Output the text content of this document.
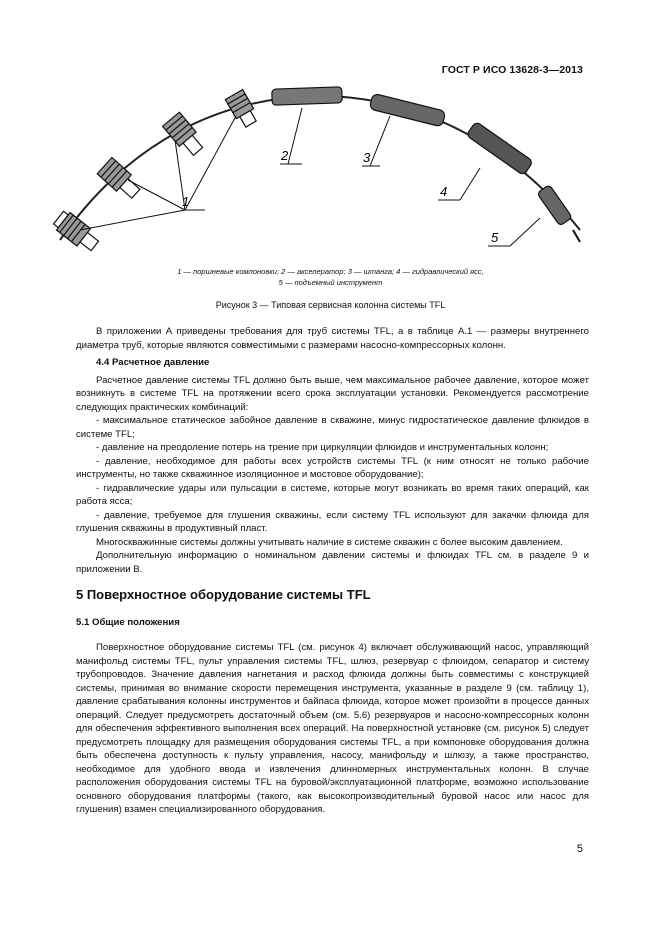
ГОСТ Р ИСО 13628-3—2013
1
2	3
4
5
1 — поршневые комлоновки; 2 — акселератор; 3 — штанга; 4 — гидравлический ясс,
5 — подъемный инструмент
Рисунок 3 — Типовая сервисная колонна системы TFL

В приложении А приведены требования для труб системы TFL, а в таблице А.1 — размеры внутреннего диаметра труб, которые являются совместимыми с размерами насосно-компрессорных колонн.

4.4 Расчетное давление

Расчетное давление системы TFL должно быть выше, чем максимальное рабочее давление, которое может возникнуть в системе TFL на протяжении всего срока эксплуатации установки. Рекомендуется рассмотрение следующих практических комбинаций:

- максимальное статическое забойное давление в скважине, минус гидростатическое давление флюидов в системе TFL;

- давление на преодоление потерь на трение при циркуляции флюидов и инструментальных колонн;

- давление, необходимое для работы всех устройств системы TFL (к ним относят не только рабочие инструменты, но также скважинное изоляционное и мостовое оборудование);

- гидравлические удары или пульсации в системе, которые могут возникать во время таких операций, как работа ясса;

- давление, требуемое для глушения скважины, если систему TFL используют для закачки флюида для глушения скважины в продуктивный пласт.

Многоскважинные системы должны учитывать наличие в системе скважин с более высоким давлением.

Дополнительную информацию о номинальном давлении системы и флюидах TFL см. в разделе 9 и приложении В.

5 Поверхностное оборудование системы TFL

5.1 Общие положения

Поверхностное оборудование системы TFL (см. рисунок 4) включает обслуживающий насос, управляющий манифольд системы TFL, пульт управления системы TFL, шлюз, резервуар с флюидом, сепаратор и систему трубопроводов. Значение давления нагнетания и расход флюида должны быть совместимы с конструкцией системы, принимая во внимание скорости перемещения инструмента, указанные в разделе 9 (см. таблицу 1), давление срабатывания колонны инструментов и байпаса флюида, которое может произойти в процессе данных операций. Следует предусмотреть достаточный объем (см. 5.6) резервуаров и насосно-компрессорных колонн для обеспечения эффективного выполнения всех операций. На поверхностной установке (см. рисунок 5) следует предусмотреть площадку для размещения оборудования системы TFL, а при компоновке оборудования должна быть обеспечена доступность к пульту управления, насосу, манифольду и шлюзу, а также пространство, необходимое для удобного ввода и извлечения длинномерных инструментальных колонн. В случае расположения оборудования системы TFL на буровой/эксплуатационной платформе, возможно использование основного оборудования платформы (такого, как высокопроизводительный буровой насос или насос для глушения) взамен специализированного оборудования.

5
